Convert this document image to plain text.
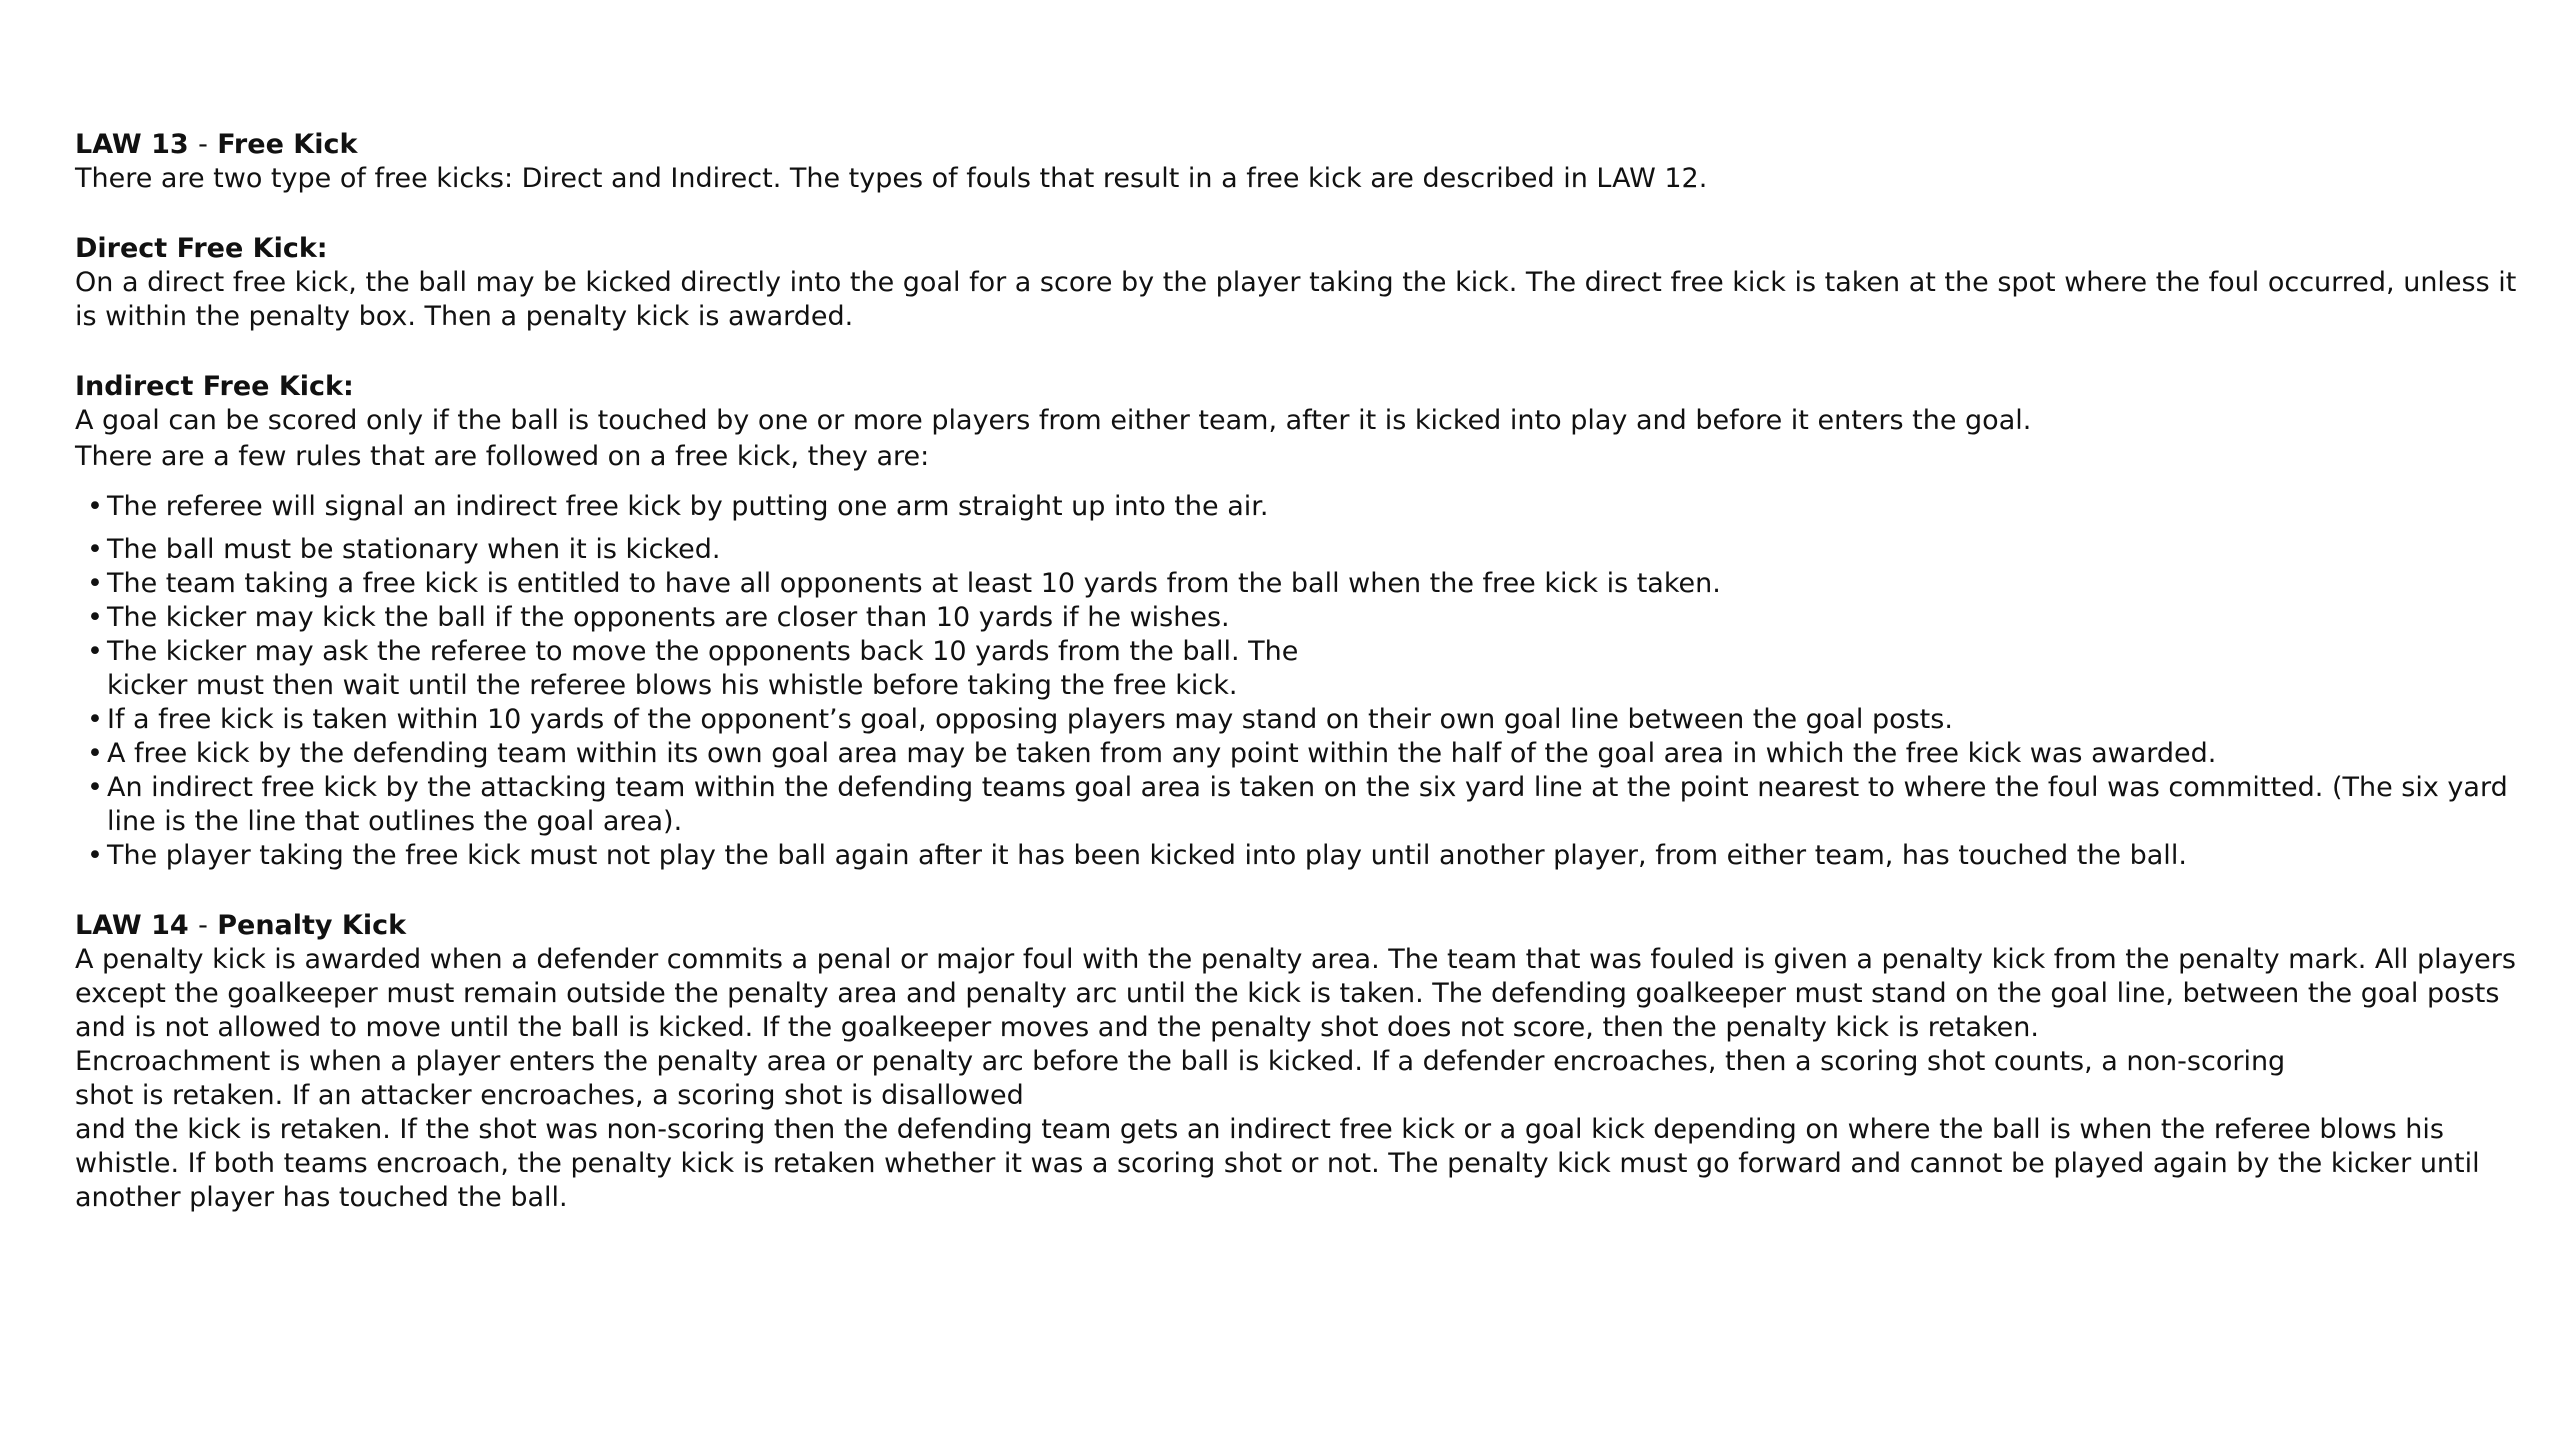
LAW 13 - Free Kick

There are two type of free kicks: Direct and Indirect. The types of fouls that result in a free kick are described in LAW 12.

Direct Free Kick:

On a direct free kick, the ball may be kicked directly into the goal for a score by the player taking the kick. The direct free kick is taken at the spot where the foul occurred, unless it is within the penalty box. Then a penalty kick is awarded.

Indirect Free Kick:

A goal can be scored only if the ball is touched by one or more players from either team, after it is kicked into play and before it enters the goal.

There are a few rules that are followed on a free kick, they are:

• The referee will signal an indirect free kick by putting one arm straight up into the air.
• The ball must be stationary when it is kicked.
• The team taking a free kick is entitled to have all opponents at least 10 yards from the ball when the free kick is taken.
• The kicker may kick the ball if the opponents are closer than 10 yards if he wishes.
• The kicker may ask the referee to move the opponents back 10 yards from the ball. The kicker must then wait until the referee blows his whistle before taking the free kick.
• If a free kick is taken within 10 yards of the opponent’s goal, opposing players may stand on their own goal line between the goal posts.
• A free kick by the defending team within its own goal area may be taken from any point within the half of the goal area in which the free kick was awarded.
• An indirect free kick by the attacking team within the defending teams goal area is taken on the six yard line at the point nearest to where the foul was committed. (The six yard line is the line that outlines the goal area).
• The player taking the free kick must not play the ball again after it has been kicked into play until another player, from either team, has touched the ball.

LAW 14 - Penalty Kick

A penalty kick is awarded when a defender commits a penal or major foul with the penalty area. The team that was fouled is given a penalty kick from the penalty mark. All players except the goalkeeper must remain outside the penalty area and penalty arc until the kick is taken. The defending goalkeeper must stand on the goal line, between the goal posts and is not allowed to move until the ball is kicked. If the goalkeeper moves and the penalty shot does not score, then the penalty kick is retaken.

Encroachment is when a player enters the penalty area or penalty arc before the ball is kicked. If a defender encroaches, then a scoring shot counts, a non-scoring shot is retaken. If an attacker encroaches, a scoring shot is disallowed

and the kick is retaken. If the shot was non-scoring then the defending team gets an indirect free kick or a goal kick depending on where the ball is when the referee blows his whistle. If both teams encroach, the penalty kick is retaken whether it was a scoring shot or not. The penalty kick must go forward and cannot be played again by the kicker until another player has touched the ball.
